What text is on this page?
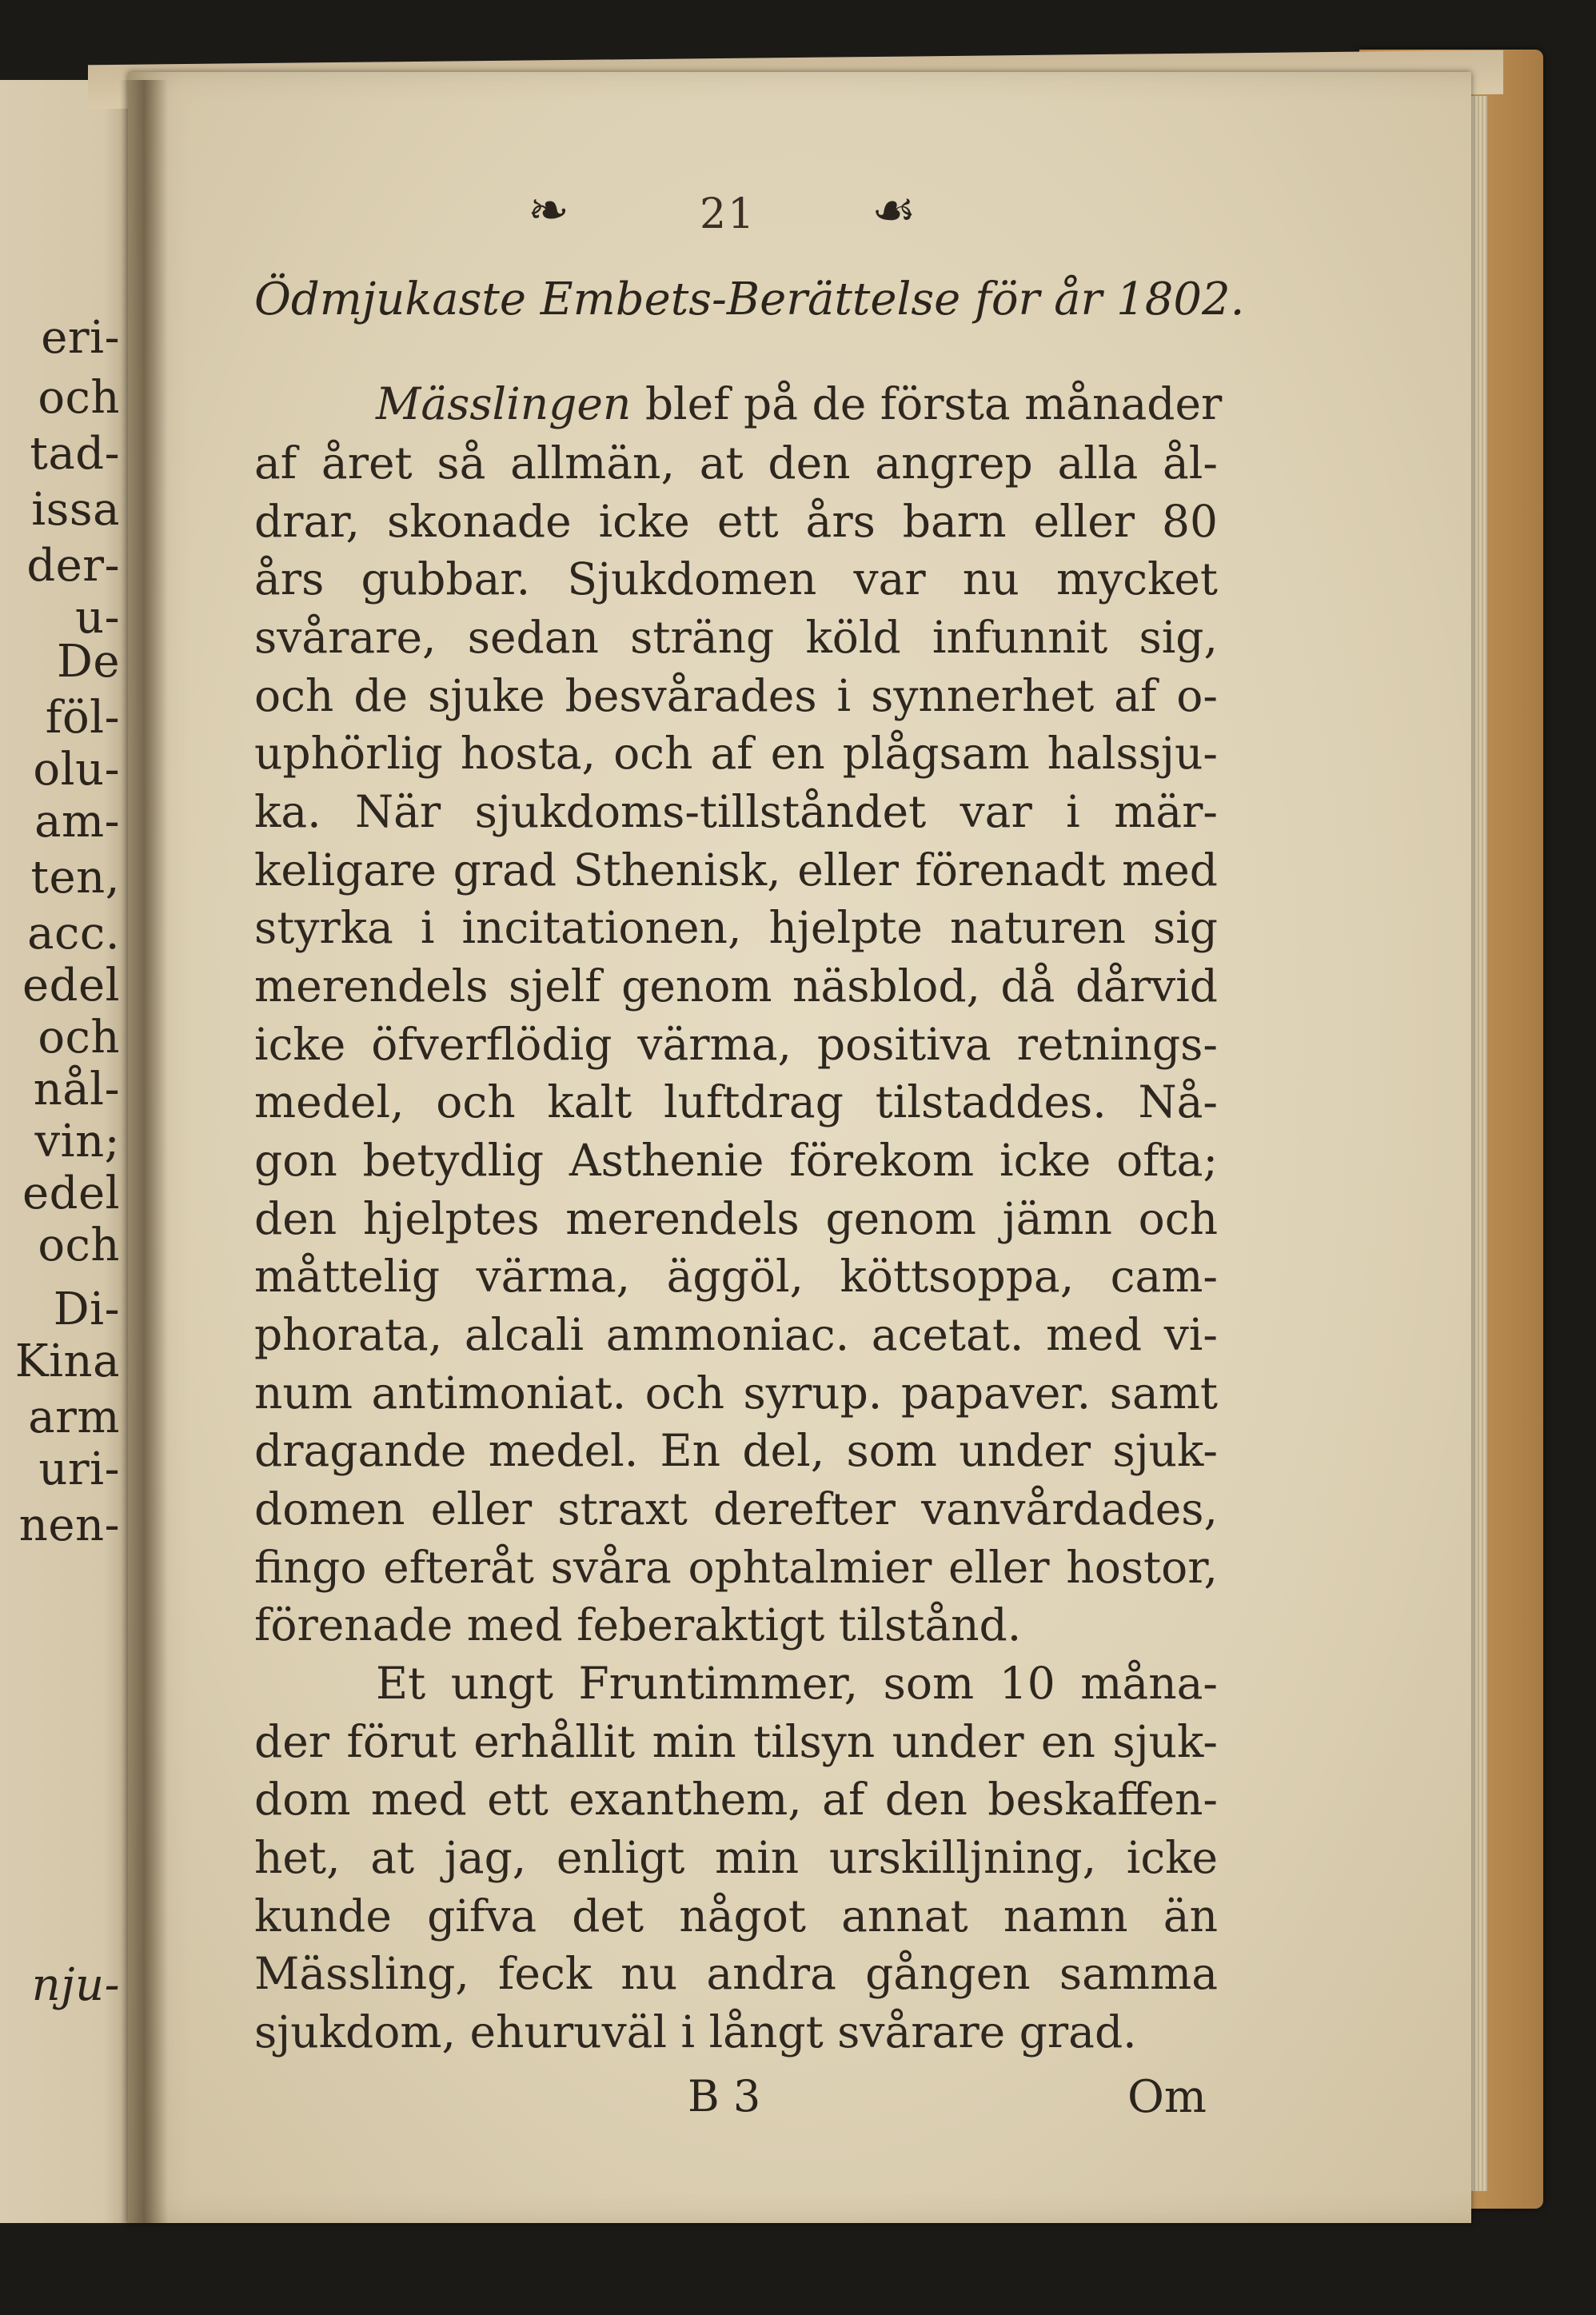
eri-
och
tad-
issa
der-
u-
De
föl-
olu-
am-
ten,
acc.
edel
och
nål-
vin;
edel
och
Di-
Kina
arm
uri-
nen-
nju-
❧	21 ☙
Ödmjukaste Embets-Berättelse för år 1802.
Mässlingen blef på de första månader
af året så allmän, at den angrep alla ål-
drar, skonade icke ett års barn eller 80
års gubbar. Sjukdomen var nu mycket
svårare, sedan sträng köld infunnit sig,
och de sjuke besvårades i synnerhet af o-
uphörlig hosta, och af en plågsam halssju-
ka. När sjukdoms-tillståndet var i mär-
keligare grad Sthenisk, eller förenadt med
styrka i incitationen, hjelpte naturen sig
merendels sjelf genom näsblod, då dårvid
icke öfverflödig värma, positiva retnings-
medel, och kalt luftdrag tilstaddes. Nå-
gon betydlig Asthenie förekom icke ofta;
den hjelptes merendels genom jämn och
måttelig värma, äggöl, köttsoppa, cam-
phorata, alcali ammoniac. acetat. med vi-
num antimoniat. och syrup. papaver. samt
dragande medel. En del, som under sjuk-
domen eller straxt derefter vanvårdades,
fingo efteråt svåra ophtalmier eller hostor,
förenade med feberaktigt tilstånd.
Et ungt Fruntimmer, som 10 måna-
der förut erhållit min tilsyn under en sjuk-
dom med ett exanthem, af den beskaffen-
het, at jag, enligt min urskilljning, icke
kunde gifva det något annat namn än
Mässling, feck nu andra gången samma
sjukdom, ehuruväl i långt svårare grad.
B 3	Om
